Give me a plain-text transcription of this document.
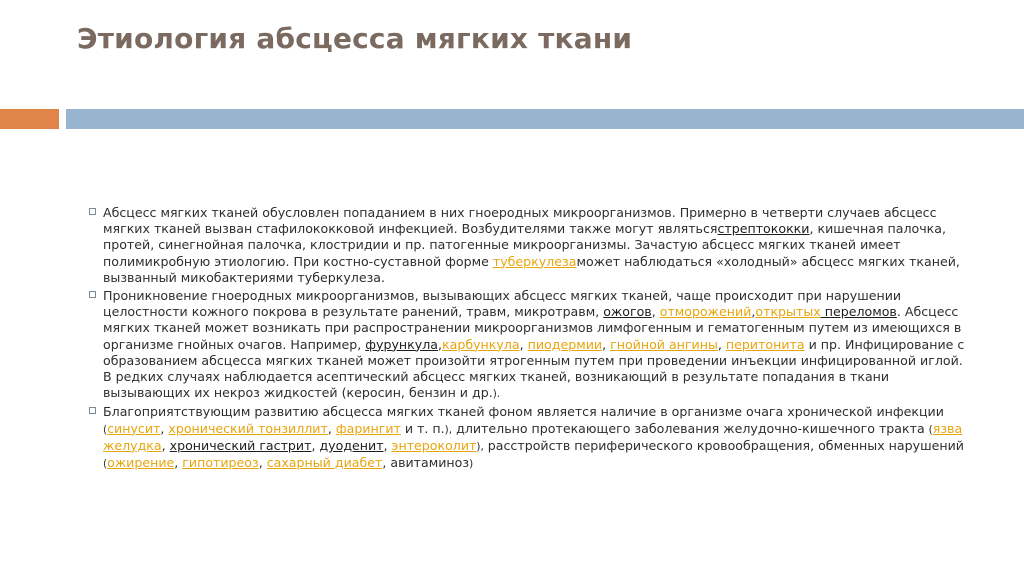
Этиология абсцесса мягких ткани

Абсцесс мягких тканей обусловлен попаданием в них гноеродных микроорганизмов. Примерно в четверти случаев абсцесс мягких тканей вызван стафилококковой инфекцией. Возбудителями также могут являтьсястрептококки, кишечная палочка, протей, синегнойная палочка, клостридии и пр. патогенные микроорганизмы. Зачастую абсцесс мягких тканей имеет полимикробную этиологию. При костно-суставной форме туберкулезаможет наблюдаться «холодный» абсцесс мягких тканей, вызванный микобактериями туберкулеза.

Проникновение гноеродных микроорганизмов, вызывающих абсцесс мягких тканей, чаще происходит при нарушении целостности кожного покрова в результате ранений, травм, микротравм, ожогов, отморожений,открытых переломов. Абсцесс мягких тканей может возникать при распространении микроорганизмов лимфогенным и гематогенным путем из имеющихся в организме гнойных очагов. Например, фурункула,карбункула, пиодермии, гнойной ангины, перитонита и пр. Инфицирование с образованием абсцесса мягких тканей может произойти ятрогенным путем при проведении инъекции инфицированной иглой. В редких случаях наблюдается асептический абсцесс мягких тканей, возникающий в результате попадания в ткани вызывающих их некроз жидкостей (керосин, бензин и др.).

Благоприятствующим развитию абсцесса мягких тканей фоном является наличие в организме очага хронической инфекции (синусит, хронический тонзиллит, фарингит и т. п.), длительно протекающего заболевания желудочно-кишечного тракта (язва желудка, хронический гастрит, дуоденит, энтероколит), расстройств периферического кровообращения, обменных нарушений (ожирение, гипотиреоз, сахарный диабет, авитаминоз)
